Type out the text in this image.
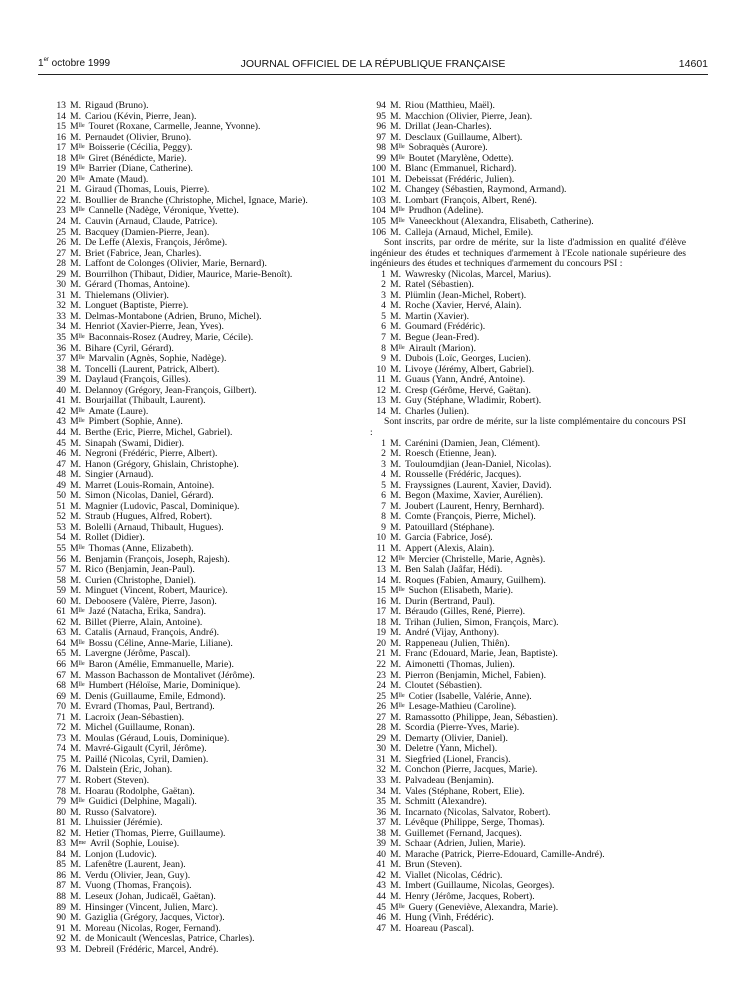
1er octobre 1999	JOURNAL OFFICIEL DE LA RÉPUBLIQUE FRANÇAISE	14601
13 M. Rigaud (Bruno).
14 M. Cariou (Kévin, Pierre, Jean).
15 $M^{lle}$ Touret (Roxane, Carmelle, Jeanne, Yvonne).
16 M. Pernaudet (Olivier, Bruno).
17 $M^{lle}$ Boisserie (Cécilia, Peggy).
18 $M^{lle}$ Giret (Bénédicte, Marie).
19 $M^{lle}$ Barrier (Diane, Catherine).
20 $M^{lle}$ Amate (Maud).
21 M. Giraud (Thomas, Louis, Pierre).
22 M. Boullier de Branche (Christophe, Michel, Ignace, Marie).
23 $M^{lle}$ Cannelle (Nadège, Véronique, Yvette).
24 M. Cauvin (Arnaud, Claude, Patrice).
25 M. Bacquey (Damien-Pierre, Jean).
26 M. De Leffe (Alexis, François, Jérôme).
27 M. Briet (Fabrice, Jean, Charles).
28 M. Laffont de Colonges (Olivier, Marie, Bernard).
29 M. Bourrilhon (Thibaut, Didier, Maurice, Marie-Benoît).
30 M. Gérard (Thomas, Antoine).
31 M. Thielemans (Olivier).
32 M. Longuet (Baptiste, Pierre).
33 M. Delmas-Montabone (Adrien, Bruno, Michel).
34 M. Henriot (Xavier-Pierre, Jean, Yves).
35 $M^{lle}$ Baconnais-Rosez (Audrey, Marie, Cécile).
36 M. Bihare (Cyril, Gérard).
37 $M^{lle}$ Marvalin (Agnès, Sophie, Nadège).
38 M. Toncelli (Laurent, Patrick, Albert).
39 M. Daylaud (François, Gilles).
40 M. Delannoy (Grégory, Jean-François, Gilbert).
41 M. Bourjaillat (Thibault, Laurent).
42 $M^{lle}$ Amate (Laure).
43 $M^{lle}$ Pimbert (Sophie, Anne).
44 M. Berthe (Eric, Pierre, Michel, Gabriel).
45 M. Sinapah (Swami, Didier).
46 M. Negroni (Frédéric, Pierre, Albert).
47 M. Hanon (Grégory, Ghislain, Christophe).
48 M. Singier (Arnaud).
49 M. Marret (Louis-Romain, Antoine).
50 M. Simon (Nicolas, Daniel, Gérard).
51 M. Magnier (Ludovic, Pascal, Dominique).
52 M. Straub (Hugues, Alfred, Robert).
53 M. Bolelli (Arnaud, Thibault, Hugues).
54 M. Rollet (Didier).
55 $M^{lle}$ Thomas (Anne, Elizabeth).
56 M. Benjamin (François, Joseph, Rajesh).
57 M. Rico (Benjamin, Jean-Paul).
58 M. Curien (Christophe, Daniel).
59 M. Minguet (Vincent, Robert, Maurice).
60 M. Deboosere (Valère, Pierre, Jason).
61 $M^{lle}$ Jazé (Natacha, Erika, Sandra).
62 M. Billet (Pierre, Alain, Antoine).
63 M. Catalis (Arnaud, François, André).
64 $M^{lle}$ Bossu (Céline, Anne-Marie, Liliane).
65 M. Lavergne (Jérôme, Pascal).
66 $M^{lle}$ Baron (Amélie, Emmanuelle, Marie).
67 M. Masson Bachasson de Montalivet (Jérôme).
68 $M^{lle}$ Humbert (Héloïse, Marie, Dominique).
69 M. Denis (Guillaume, Emile, Edmond).
70 M. Evrard (Thomas, Paul, Bertrand).
71 M. Lacroix (Jean-Sébastien).
72 M. Michel (Guillaume, Ronan).
73 M. Moulas (Géraud, Louis, Dominique).
74 M. Mavré-Gigault (Cyril, Jérôme).
75 M. Paillé (Nicolas, Cyril, Damien).
76 M. Dalstein (Eric, Johan).
77 M. Robert (Steven).
78 M. Hoarau (Rodolphe, Gaëtan).
79 $M^{lle}$ Guidici (Delphine, Magali).
80 M. Russo (Salvatore).
81 M. Lhuissier (Jérémie).
82 M. Hetier (Thomas, Pierre, Guillaume).
83 $M^{me}$ Avril (Sophie, Louise).
84 M. Lonjon (Ludovic).
85 M. Lafenêtre (Laurent, Jean).
86 M. Verdu (Olivier, Jean, Guy).
87 M. Vuong (Thomas, François).
88 M. Leseux (Johan, Judicaël, Gaëtan).
89 M. Hinsinger (Vincent, Julien, Marc).
90 M. Gaziglia (Grégory, Jacques, Victor).
91 M. Moreau (Nicolas, Roger, Fernand).
92 M. de Monicault (Wenceslas, Patrice, Charles).
93 M. Debreil (Frédéric, Marcel, André).
94 M. Riou (Matthieu, Maël).
95 M. Macchion (Olivier, Pierre, Jean).
96 M. Drillat (Jean-Charles).
97 M. Desclaux (Guillaume, Albert).
98 $M^{lle}$ Sobraquès (Aurore).
99 $M^{lle}$ Boutet (Marylène, Odette).
100 M. Blanc (Emmanuel, Richard).
101 M. Debeissat (Frédéric, Julien).
102 M. Changey (Sébastien, Raymond, Armand).
103 M. Lombart (François, Albert, René).
104 $M^{lle}$ Prudhon (Adeline).
105 $M^{lle}$ Vaneeckhout (Alexandra, Elisabeth, Catherine).
106 M. Calleja (Arnaud, Michel, Emile).

Sont inscrits, par ordre de mérite, sur la liste d'admission en qualité d'élève ingénieur des études et techniques d'armement à l'Ecole nationale supérieure des ingénieurs des études et techniques d'armement du concours PSI :

1 M. Wawresky (Nicolas, Marcel, Marius).
2 M. Ratel (Sébastien).
3 M. Plümlin (Jean-Michel, Robert).
4 M. Roche (Xavier, Hervé, Alain).
5 M. Martin (Xavier).
6 M. Goumard (Frédéric).
7 M. Begue (Jean-Fred).
8 $M^{lle}$ Airault (Marion).
9 M. Dubois (Loïc, Georges, Lucien).
10 M. Livoye (Jérémy, Albert, Gabriel).
11 M. Guaus (Yann, André, Antoine).
12 M. Cresp (Gérôme, Hervé, Gaëtan).
13 M. Guy (Stéphane, Wladimir, Robert).
14 M. Charles (Julien).

Sont inscrits, par ordre de mérite, sur la liste complémentaire du concours PSI :

1 M. Carénini (Damien, Jean, Clément).
2 M. Roesch (Etienne, Jean).
3 M. Touloumdjian (Jean-Daniel, Nicolas).
4 M. Rousselle (Frédéric, Jacques).
5 M. Frayssignes (Laurent, Xavier, David).
6 M. Begon (Maxime, Xavier, Aurélien).
7 M. Joubert (Laurent, Henry, Bernhard).
8 M. Comte (François, Pierre, Michel).
9 M. Patouillard (Stéphane).
10 M. Garcia (Fabrice, José).
11 M. Appert (Alexis, Alain).
12 $M^{lle}$ Mercier (Christelle, Marie, Agnès).
13 M. Ben Salah (Jaâfar, Hédi).
14 M. Roques (Fabien, Amaury, Guilhem).
15 $M^{lle}$ Suchon (Elisabeth, Marie).
16 M. Durin (Bertrand, Paul).
17 M. Béraudo (Gilles, René, Pierre).
18 M. Trihan (Julien, Simon, François, Marc).
19 M. André (Vijay, Anthony).
20 M. Rappeneau (Julien, Thiên).
21 M. Franc (Edouard, Marie, Jean, Baptiste).
22 M. Aimonetti (Thomas, Julien).
23 M. Pierron (Benjamin, Michel, Fabien).
24 M. Cloutet (Sébastien).
25 $M^{lle}$ Cotier (Isabelle, Valérie, Anne).
26 $M^{lle}$ Lesage-Mathieu (Caroline).
27 M. Ramassotto (Philippe, Jean, Sébastien).
28 M. Scordia (Pierre-Yves, Marie).
29 M. Demarty (Olivier, Daniel).
30 M. Deletre (Yann, Michel).
31 M. Siegfried (Lionel, Francis).
32 M. Conchon (Pierre, Jacques, Marie).
33 M. Palvadeau (Benjamin).
34 M. Vales (Stéphane, Robert, Elie).
35 M. Schmitt (Alexandre).
36 M. Incarnato (Nicolas, Salvator, Robert).
37 M. Lévêque (Philippe, Serge, Thomas).
38 M. Guillemet (Fernand, Jacques).
39 M. Schaar (Adrien, Julien, Marie).
40 M. Marache (Patrick, Pierre-Edouard, Camille-André).
41 M. Brun (Steven).
42 M. Viallet (Nicolas, Cédric).
43 M. Imbert (Guillaume, Nicolas, Georges).
44 M. Henry (Jérôme, Jacques, Robert).
45 $M^{lle}$ Guery (Geneviève, Alexandra, Marie).
46 M. Hung (Vinh, Frédéric).
47 M. Hoareau (Pascal).
